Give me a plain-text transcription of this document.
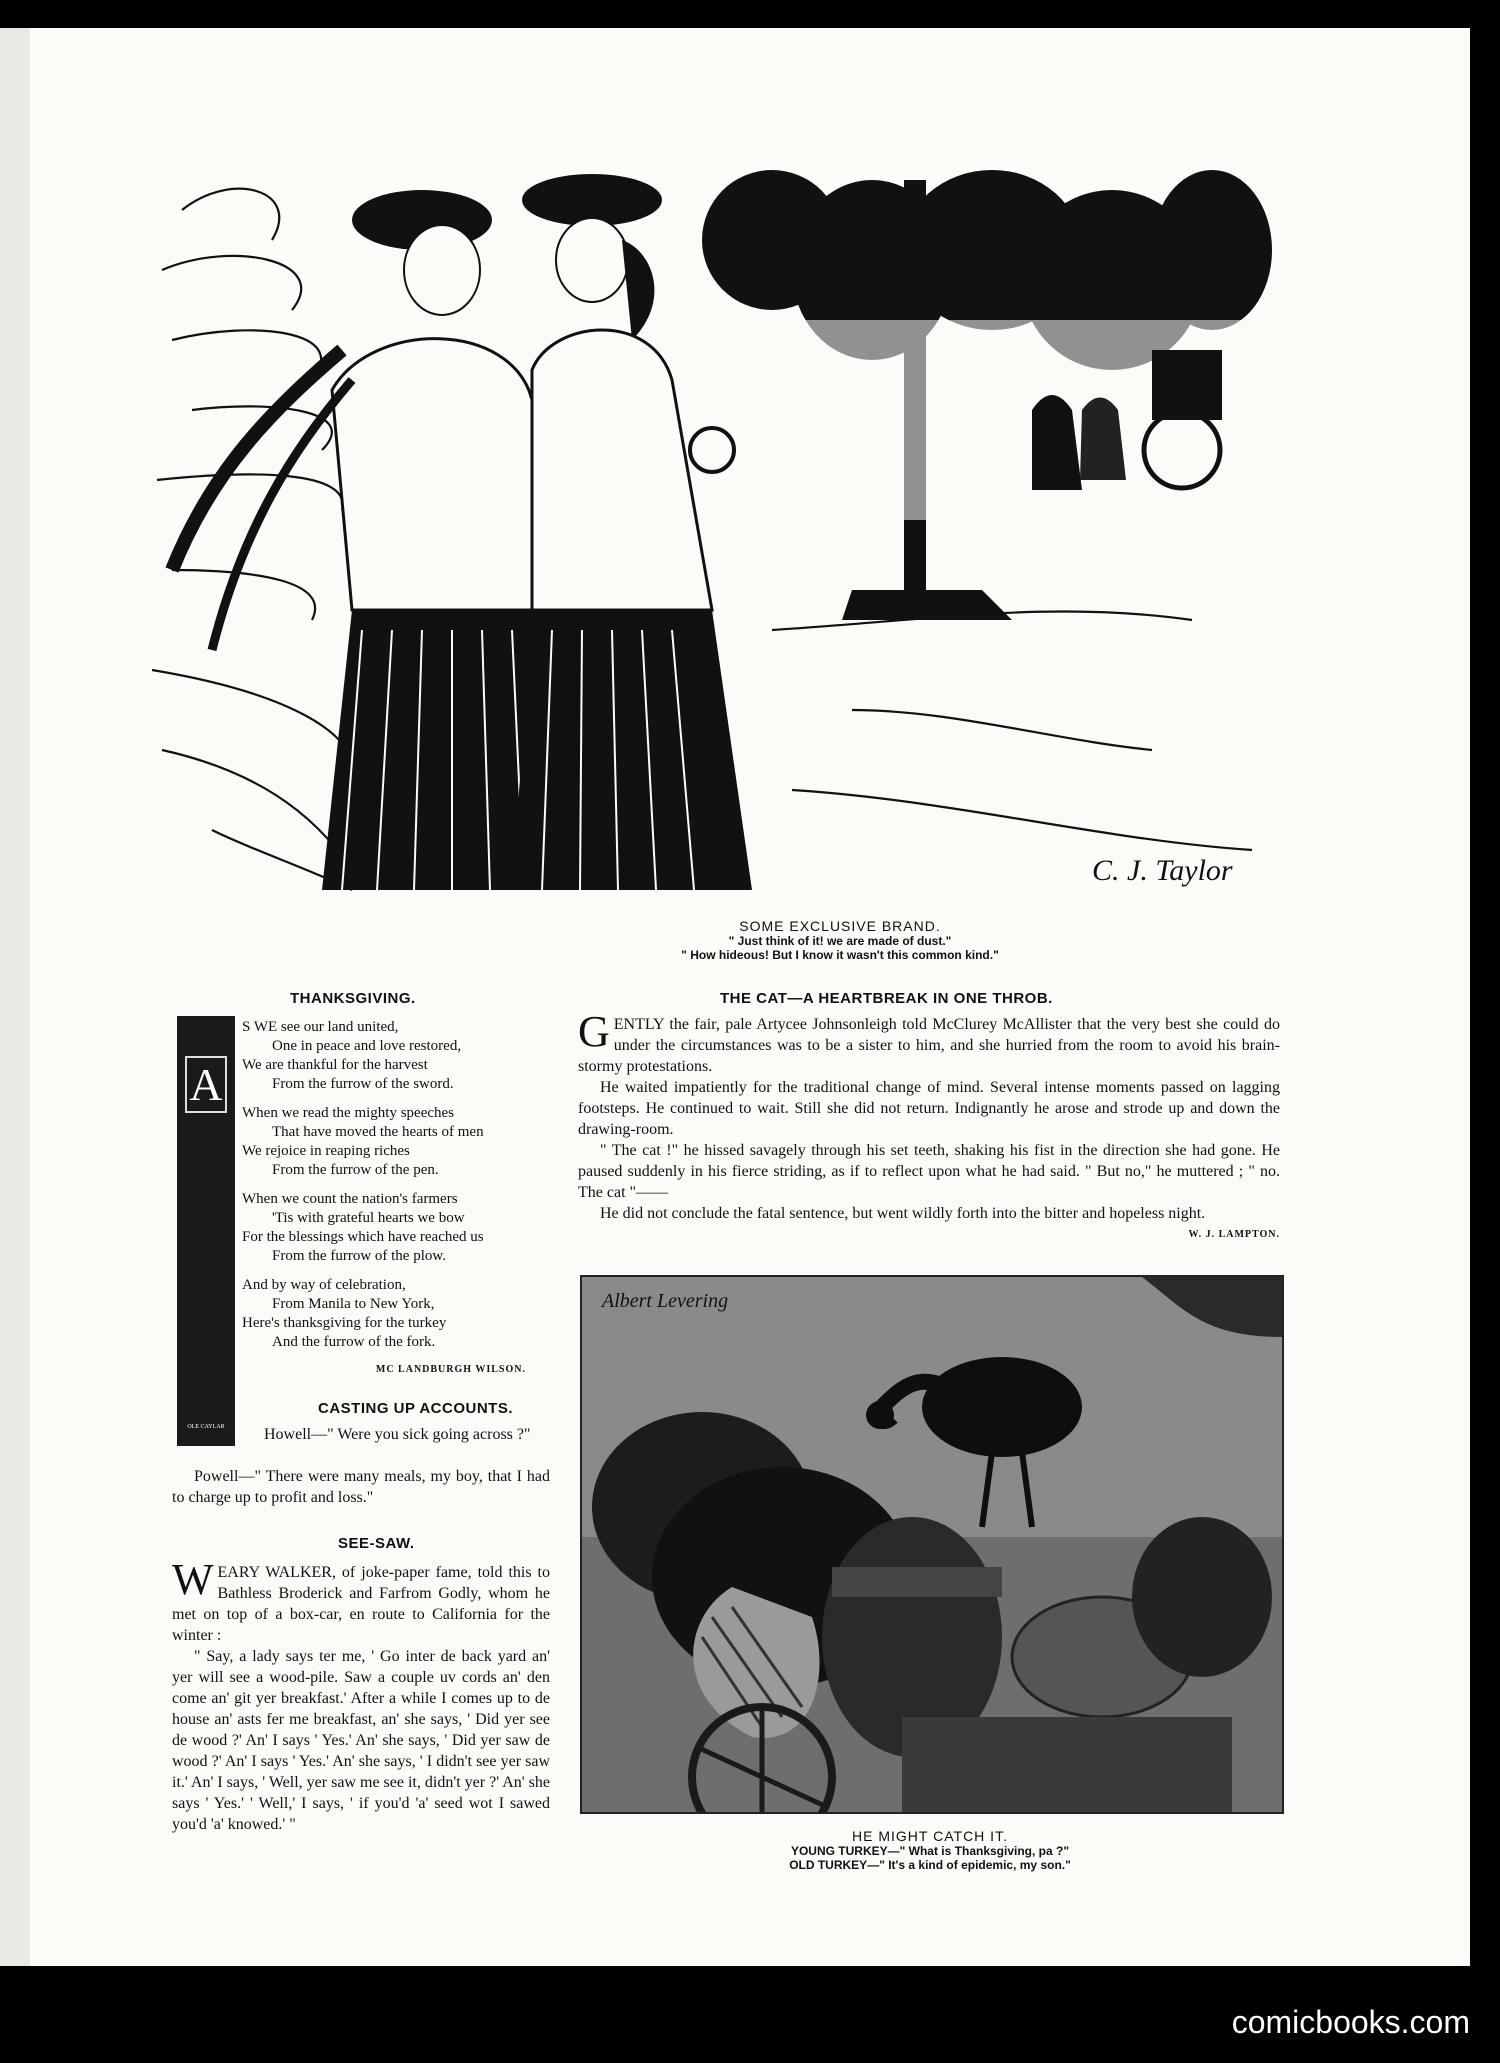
C. J. Taylor
SOME EXCLUSIVE BRAND.
" Just think of it! we are made of dust."
" How hideous! But I know it wasn't this common kind."
THANKSGIVING.
A
OLE CAYLAR
S WE see our land united,
One in peace and love restored,
We are thankful for the harvest
From the furrow of the sword.
When we read the mighty speeches
That have moved the hearts of men
We rejoice in reaping riches
From the furrow of the pen.
When we count the nation's farmers
'Tis with grateful hearts we bow
For the blessings which have reached us
From the furrow of the plow.
And by way of celebration,
From Manila to New York,
Here's thanksgiving for the turkey
And the furrow of the fork.
MC LANDBURGH WILSON.
CASTING UP ACCOUNTS.

Howell—" Were you sick going across ?"

Powell—" There were many meals, my boy, that I had to charge up to profit and loss."

SEE-SAW.

WEARY WALKER, of joke-paper fame, told this to Bathless Broderick and Farfrom Godly, whom he met on top of a box-car, en route to California for the winter :

" Say, a lady says ter me, ' Go inter de back yard an' yer will see a wood-pile. Saw a couple uv cords an' den come an' git yer breakfast.' After a while I comes up to de house an' asts fer me breakfast, an' she says, ' Did yer see de wood ?' An' I says ' Yes.' An' she says, ' Did yer saw de wood ?' An' I says ' Yes.' An' she says, ' I didn't see yer saw it.' An' I says, ' Well, yer saw me see it, didn't yer ?' An' she says ' Yes.' ' Well,' I says, ' if you'd 'a' seed wot I sawed you'd 'a' knowed.' "

THE CAT—A HEARTBREAK IN ONE THROB.

GENTLY the fair, pale Artycee Johnsonleigh told McClurey McAllister that the very best she could do under the circumstances was to be a sister to him, and she hurried from the room to avoid his brain-stormy protestations.

He waited impatiently for the traditional change of mind. Several intense moments passed on lagging footsteps. He continued to wait. Still she did not return. Indignantly he arose and strode up and down the drawing-room.

" The cat !" he hissed savagely through his set teeth, shaking his fist in the direction she had gone. He paused suddenly in his fierce striding, as if to reflect upon what he had said. " But no," he muttered ; " no. The cat "——

He did not conclude the fatal sentence, but went wildly forth into the bitter and hopeless night.

W. J. LAMPTON.
Albert Levering
HE MIGHT CATCH IT.
YOUNG TURKEY—" What is Thanksgiving, pa ?"
OLD TURKEY—" It's a kind of epidemic, my son."
comicbooks.com
